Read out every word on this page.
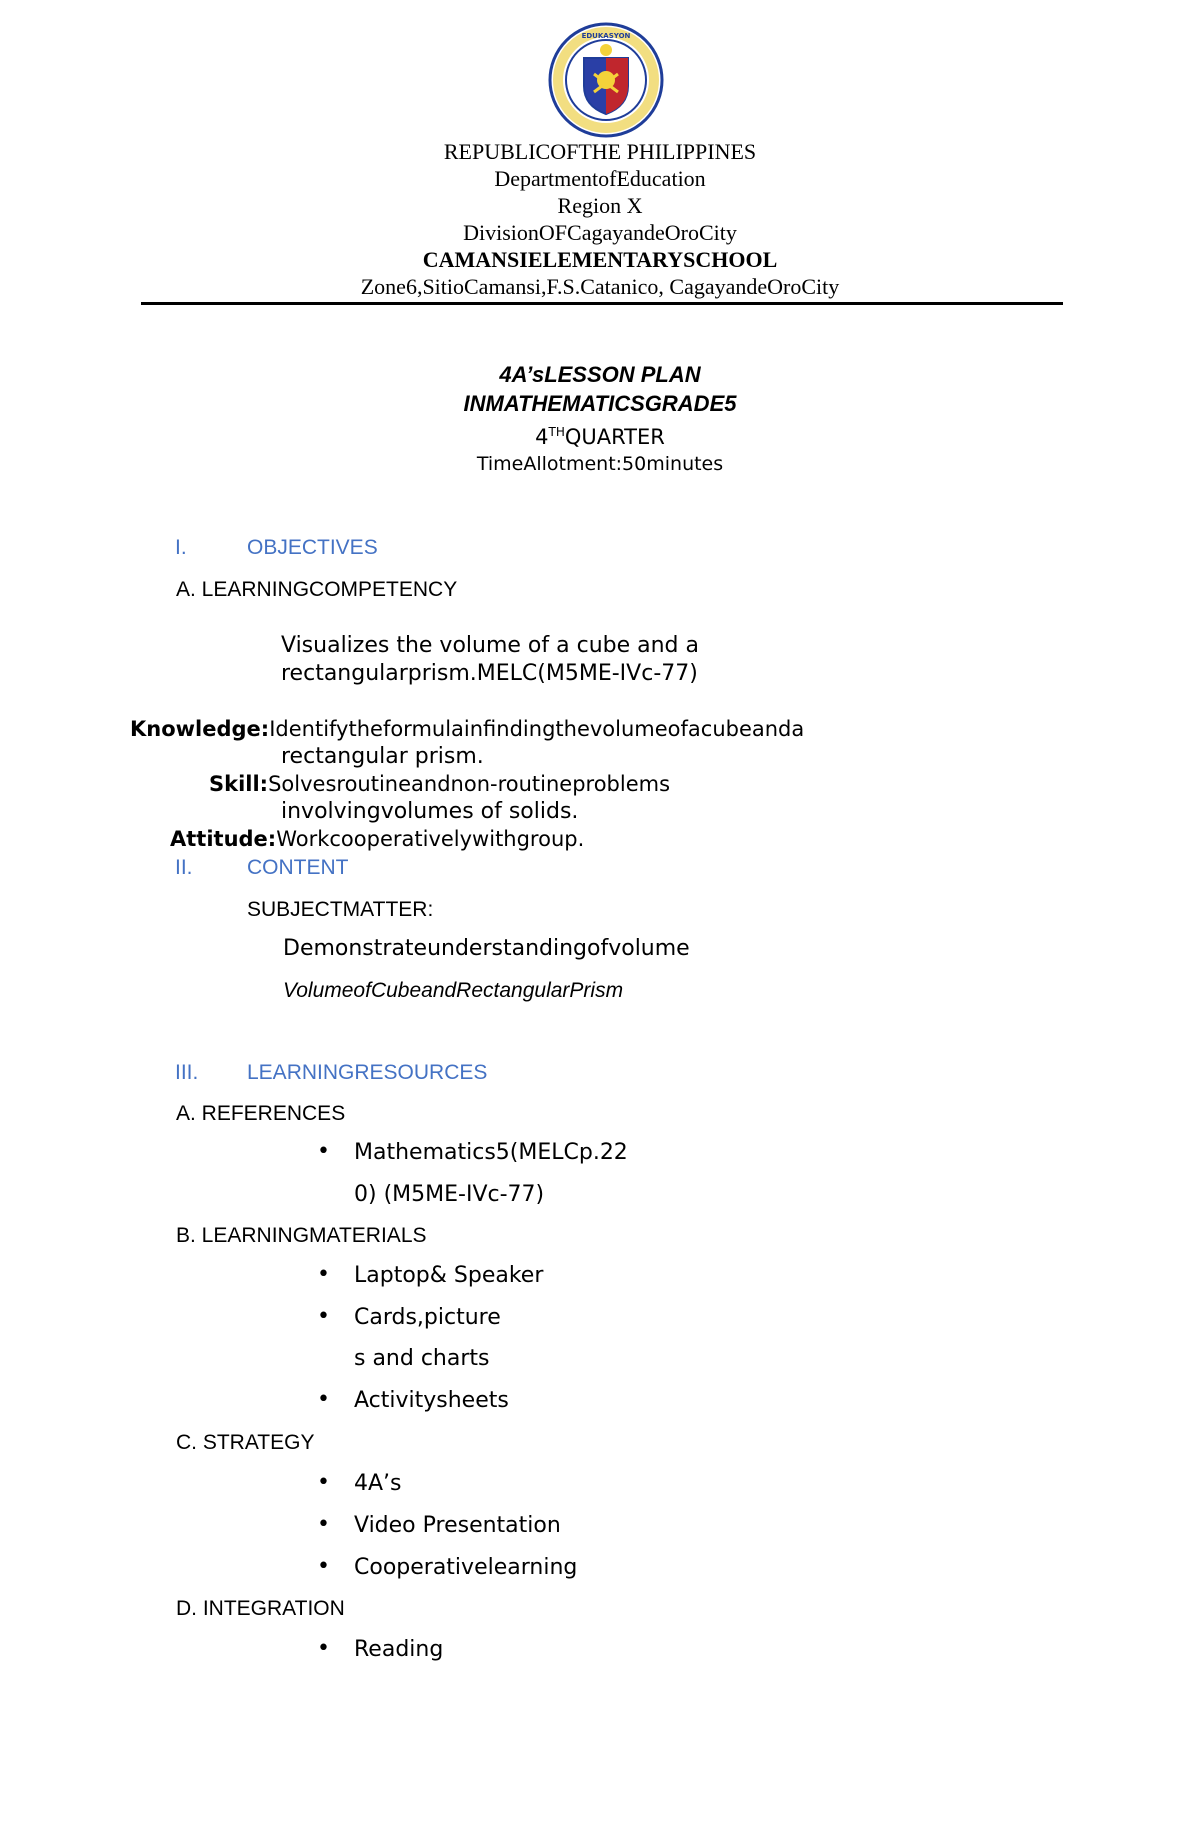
EDUKASYON
REPUBLICOFTHE PHILIPPINES
DepartmentofEducation
Region X
DivisionOFCagayandeOroCity
CAMANSIELEMENTARYSCHOOL
Zone6,SitioCamansi,F.S.Catanico, CagayandeOroCity
4A’sLESSON PLAN
INMATHEMATICSGRADE5
4THQUARTER
TimeAllotment:50minutes
I.	OBJECTIVES
A. LEARNINGCOMPETENCY
Visualizes the volume of a cube and a
rectangularprism.MELC(M5ME-IVc-77)
Knowledge:Identifytheformulainfindingthevolumeofacubeanda
rectangular prism.
Skill:Solvesroutineandnon-routineproblems
involvingvolumes of solids.
Attitude:Workcooperativelywithgroup.
II.	CONTENT
SUBJECTMATTER:
Demonstrateunderstandingofvolume
VolumeofCubeandRectangularPrism
III. LEARNINGRESOURCES
A. REFERENCES
• Mathematics5(MELCp.22
0) (M5ME-IVc-77)
B. LEARNINGMATERIALS
• Laptop& Speaker
• Cards,picture
s and charts
• Activitysheets
C. STRATEGY
• 4A’s
• Video Presentation
• Cooperativelearning
D. INTEGRATION
• Reading
